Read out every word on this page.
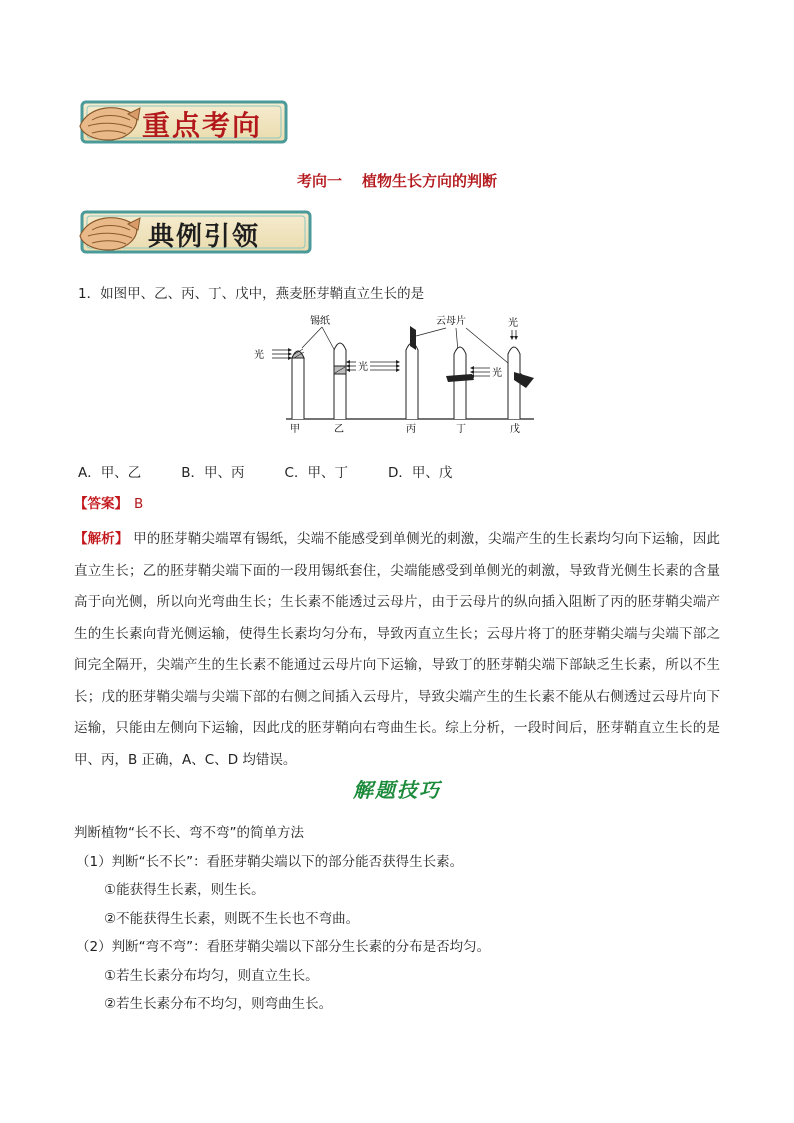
重点考向
考向一 植物生长方向的判断
典例引领
1．如图甲、乙、丙、丁、戊中，燕麦胚芽鞘直立生长的是
光
锡纸
光
云母片
光
光
甲	乙	丙	丁	戊
A．甲、乙	B．甲、丙	C．甲、丁	D．甲、戊
【答案】 B
【解析】 甲的胚芽鞘尖端罩有锡纸，尖端不能感受到单侧光的刺激，尖端产生的生长素均匀向下运输，因此直立生长；乙的胚芽鞘尖端下面的一段用锡纸套住，尖端能感受到单侧光的刺激，导致背光侧生长素的含量高于向光侧，所以向光弯曲生长；生长素不能透过云母片，由于云母片的纵向插入阻断了丙的胚芽鞘尖端产生的生长素向背光侧运输，使得生长素均匀分布，导致丙直立生长；云母片将丁的胚芽鞘尖端与尖端下部之间完全隔开，尖端产生的生长素不能通过云母片向下运输，导致丁的胚芽鞘尖端下部缺乏生长素，所以不生长；戊的胚芽鞘尖端与尖端下部的右侧之间插入云母片，导致尖端产生的生长素不能从右侧透过云母片向下运输，只能由左侧向下运输，因此戊的胚芽鞘向右弯曲生长。综上分析，一段时间后，胚芽鞘直立生长的是甲、丙，B 正确，A、C、D 均错误。
解题技巧
判断植物“长不长、弯不弯”的简单方法
（1）判断“长不长”：看胚芽鞘尖端以下的部分能否获得生长素。
①能获得生长素，则生长。
②不能获得生长素，则既不生长也不弯曲。
（2）判断“弯不弯”：看胚芽鞘尖端以下部分生长素的分布是否均匀。
①若生长素分布均匀，则直立生长。
②若生长素分布不均匀，则弯曲生长。
